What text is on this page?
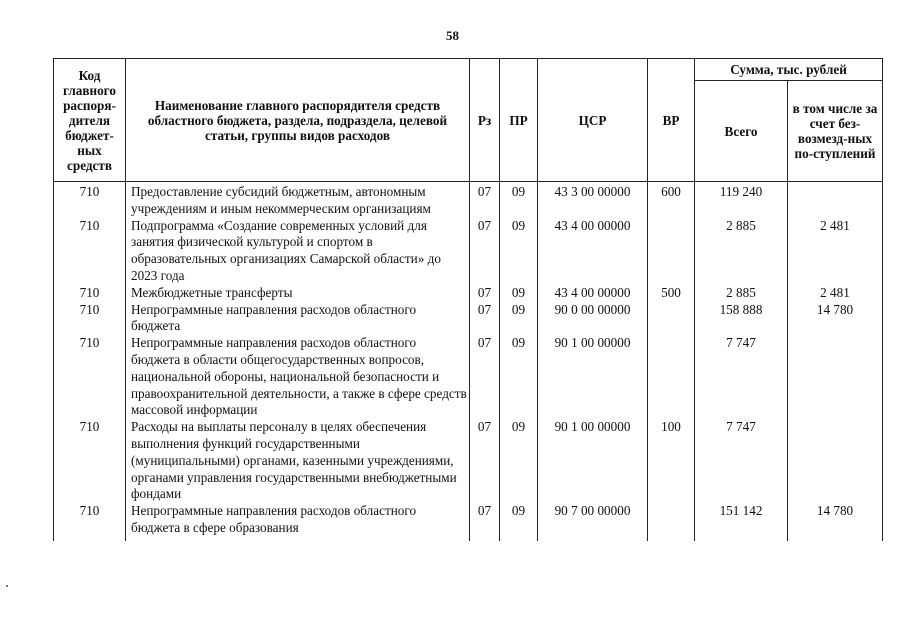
58
Код главного распоря-дителя бюджет-ных средств	Наименование главного распорядителя средств областного бюджета, раздела, подраздела, целевой статьи, группы видов расходов	Рз	ПР	ЦСР	ВР	Сумма, тыс. рублей	
						Всего	в том числе за счет без-возмезд-ных по-ступлений
710	Предоставление субсидий бюджетным, автономным учреждениям и иным некоммерческим организациям	07	09	43 3 00 00000	600	119 240	
710	Подпрограмма «Создание современных условий для занятия физической культурой и спортом в образовательных организациях Самарской области» до 2023 года	07	09	43 4 00 00000		2 885	2 481
710	Межбюджетные трансферты	07	09	43 4 00 00000	500	2 885	2 481
710	Непрограммные направления расходов областного бюджета	07	09	90 0 00 00000		158 888	14 780
710	Непрограммные направления расходов областного бюджета в области общегосударственных вопросов, национальной обороны, национальной безопасности и правоохранительной деятельности, а также в сфере средств массовой информации	07	09	90 1 00 00000		7 747	
710	Расходы на выплаты персоналу в целях обеспечения выполнения функций государственными (муниципальными) органами, казенными учреждениями, органами управления государственными внебюджетными фондами	07	09	90 1 00 00000	100	7 747	
710	Непрограммные направления расходов областного бюджета в сфере образования	07	09	90 7 00 00000		151 142	14 780
